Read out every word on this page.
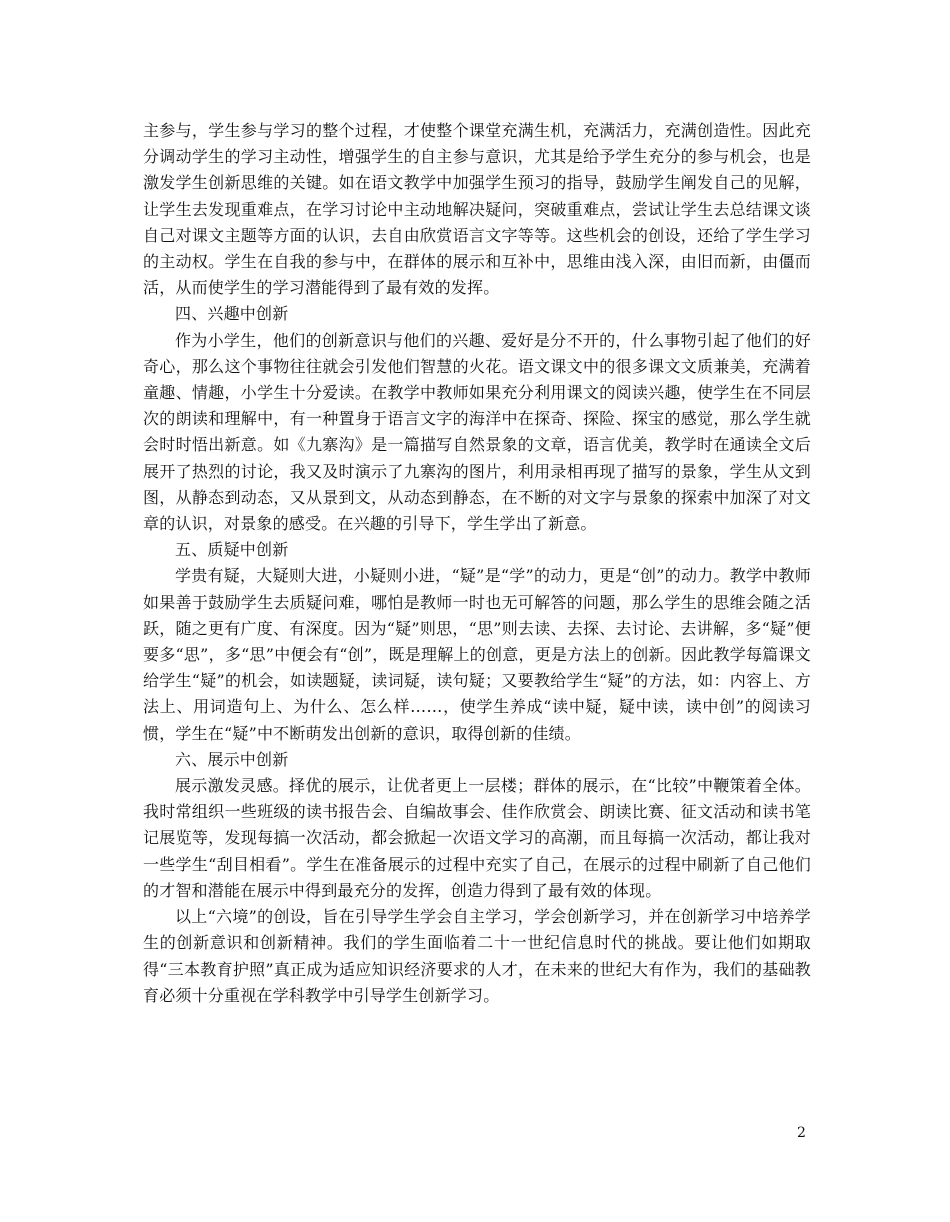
主参与，学生参与学习的整个过程，才使整个课堂充满生机，充满活力，充满创造性。因此充分调动学生的学习主动性，增强学生的自主参与意识，尤其是给予学生充分的参与机会，也是激发学生创新思维的关键。如在语文教学中加强学生预习的指导，鼓励学生阐发自己的见解，让学生去发现重难点，在学习讨论中主动地解决疑问，突破重难点，尝试让学生去总结课文谈自己对课文主题等方面的认识，去自由欣赏语言文字等等。这些机会的创设，还给了学生学习的主动权。学生在自我的参与中，在群体的展示和互补中，思维由浅入深，由旧而新，由僵而活，从而使学生的学习潜能得到了最有效的发挥。

四、兴趣中创新

作为小学生，他们的创新意识与他们的兴趣、爱好是分不开的，什么事物引起了他们的好奇心，那么这个事物往往就会引发他们智慧的火花。语文课文中的很多课文文质兼美，充满着童趣、情趣，小学生十分爱读。在教学中教师如果充分利用课文的阅读兴趣，使学生在不同层次的朗读和理解中，有一种置身于语言文字的海洋中在探奇、探险、探宝的感觉，那么学生就会时时悟出新意。如《九寨沟》是一篇描写自然景象的文章，语言优美，教学时在通读全文后展开了热烈的讨论，我又及时演示了九寨沟的图片，利用录相再现了描写的景象，学生从文到图，从静态到动态，又从景到文，从动态到静态，在不断的对文字与景象的探索中加深了对文章的认识，对景象的感受。在兴趣的引导下，学生学出了新意。

五、质疑中创新

学贵有疑，大疑则大进，小疑则小进，“疑”是“学”的动力，更是“创”的动力。教学中教师如果善于鼓励学生去质疑问难，哪怕是教师一时也无可解答的问题，那么学生的思维会随之活跃，随之更有广度、有深度。因为“疑”则思，“思”则去读、去探、去讨论、去讲解，多“疑”便要多“思”，多“思”中便会有“创”，既是理解上的创意，更是方法上的创新。因此教学每篇课文给学生“疑”的机会，如读题疑，读词疑，读句疑；又要教给学生“疑”的方法，如：内容上、方法上、用词造句上、为什么、怎么样……，使学生养成“读中疑，疑中读，读中创”的阅读习惯，学生在“疑”中不断萌发出创新的意识，取得创新的佳绩。

六、展示中创新

展示激发灵感。择优的展示，让优者更上一层楼；群体的展示，在“比较”中鞭策着全体。我时常组织一些班级的读书报告会、自编故事会、佳作欣赏会、朗读比赛、征文活动和读书笔记展览等，发现每搞一次活动，都会掀起一次语文学习的高潮，而且每搞一次活动，都让我对一些学生“刮目相看”。学生在准备展示的过程中充实了自己，在展示的过程中刷新了自己他们的才智和潜能在展示中得到最充分的发挥，创造力得到了最有效的体现。

以上“六境”的创设，旨在引导学生学会自主学习，学会创新学习，并在创新学习中培养学生的创新意识和创新精神。我们的学生面临着二十一世纪信息时代的挑战。要让他们如期取得“三本教育护照”真正成为适应知识经济要求的人才，在未来的世纪大有作为，我们的基础教育必须十分重视在学科教学中引导学生创新学习。

2
